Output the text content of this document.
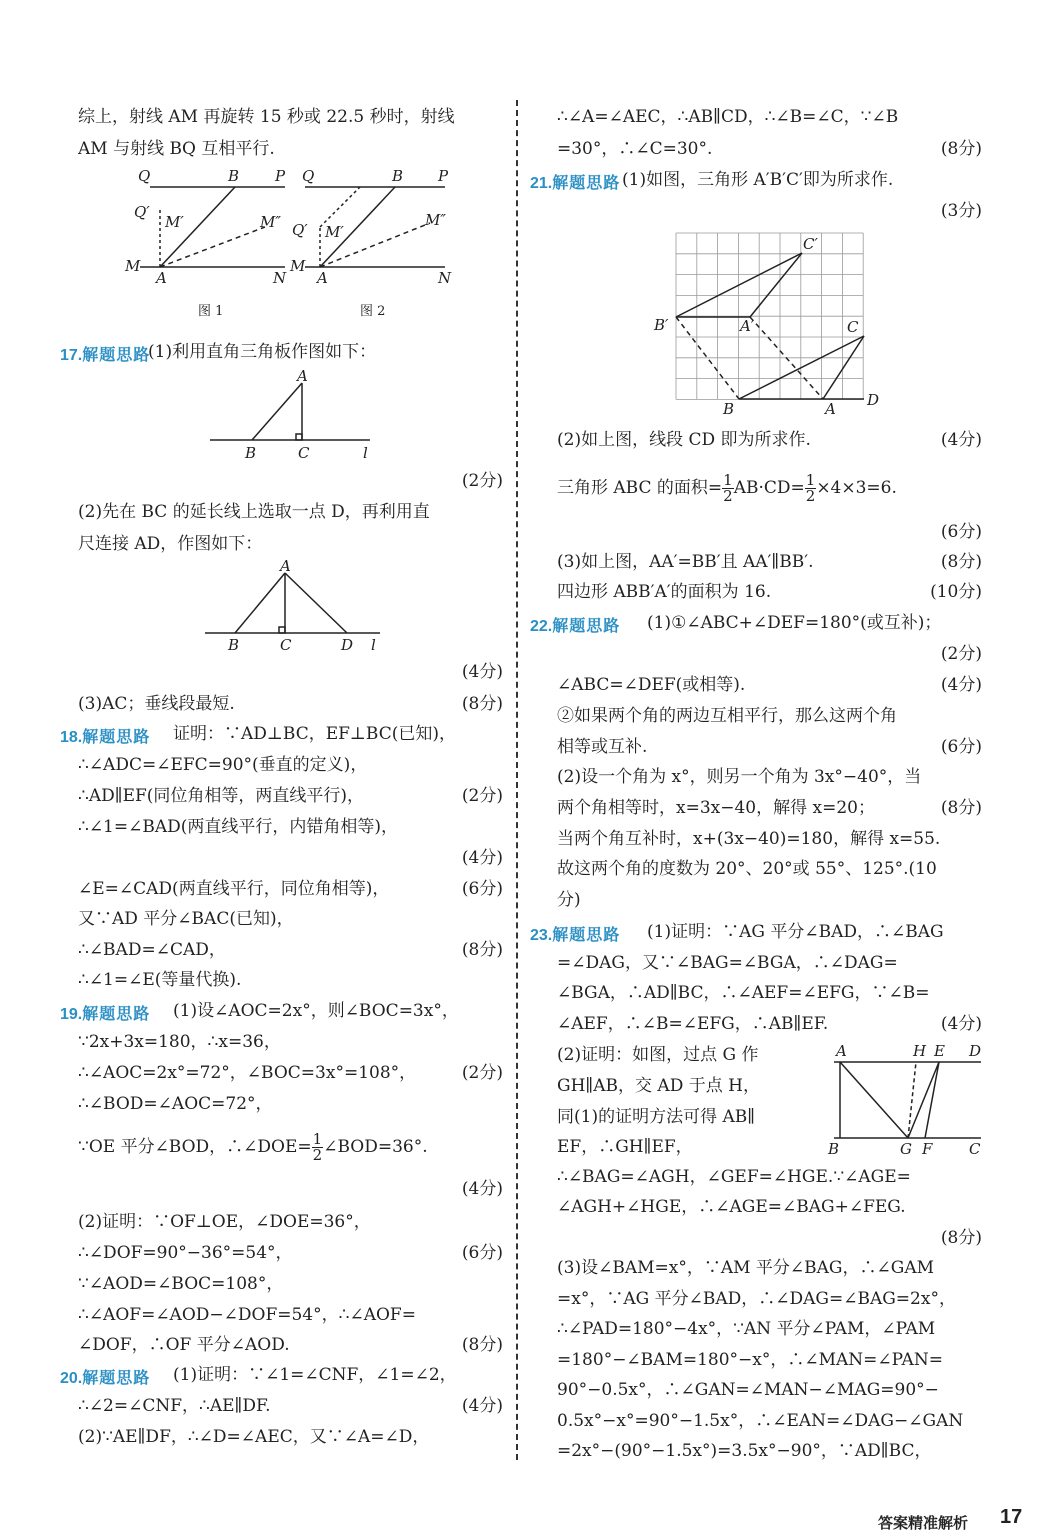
综上，射线 AM 再旋转 15 秒或 22.5 秒时，射线
AM 与射线 BQ 互相平行.
(1)利用直角三角板作图如下：
(2分)
(2)先在 BC 的延长线上选取一点 D，再利用直
尺连接 AD，作图如下：
(4分)
(3)AC；垂线段最短.	(8分)
证明：∵AD⊥BC，EF⊥BC(已知)，
∴∠ADC=∠EFC=90°(垂直的定义)，
∴AD∥EF(同位角相等，两直线平行)，	(2分)
∴∠1=∠BAD(两直线平行，内错角相等)，
(4分)
∠E=∠CAD(两直线平行，同位角相等)，	(6分)
又∵AD 平分∠BAC(已知)，
∴∠BAD=∠CAD，	(8分)
∴∠1=∠E(等量代换).
(1)设∠AOC=2x°，则∠BOC=3x°，
∵2x+3x=180，∴x=36，
∴∠AOC=2x°=72°，∠BOC=3x°=108°，	(2分)
∴∠BOD=∠AOC=72°，
(4分)
(2)证明：∵OF⊥OE，∠DOE=36°，
∴∠DOF=90°−36°=54°，	(6分)
∵∠AOD=∠BOC=108°，
∴∠AOF=∠AOD−∠DOF=54°，∴∠AOF=
∠DOF，∴OF 平分∠AOD.	(8分)
(1)证明：∵∠1=∠CNF，∠1=∠2，
∴∠2=∠CNF，∴AE∥DF.	(4分)
(2)∵AE∥DF，∴∠D=∠AEC，又∵∠A=∠D，
∴∠A=∠AEC，∴AB∥CD，∴∠B=∠C，∵∠B
=30°，∴∠C=30°.	(8分)
(1)如图，三角形 A′B′C′即为所求作.
(3分)
(2)如上图，线段 CD 即为所求作.	(4分)
(6分)
(3)如上图，AA′=BB′且 AA′∥BB′.	(8分)
四边形 ABB′A′的面积为 16.	(10分)
(1)①∠ABC+∠DEF=180°(或互补)；
(2分)
∠ABC=∠DEF(或相等).	(4分)
②如果两个角的两边互相平行，那么这两个角
相等或互补.	(6分)
(2)设一个角为 x°，则另一个角为 3x°−40°，当
两个角相等时，x=3x−40，解得 x=20；	(8分)
当两个角互补时，x+(3x−40)=180，解得 x=55.
故这两个角的度数为 20°、20°或 55°、125°.(10
分)
(1)证明：∵AG 平分∠BAD，∴∠BAG
=∠DAG，又∵∠BAG=∠BGA，∴∠DAG=
∠BGA，∴AD∥BC，∴∠AEF=∠EFG，∵∠B=
∠AEF，∴∠B=∠EFG，∴AB∥EF.	(4分)
(2)证明：如图，过点 G 作
GH∥AB，交 AD 于点 H，
同(1)的证明方法可得 AB∥
EF，∴GH∥EF，
∴∠BAG=∠AGH，∠GEF=∠HGE.∵∠AGE=
∠AGH+∠HGE，∴∠AGE=∠BAG+∠FEG.
(8分)
(3)设∠BAM=x°，∵AM 平分∠BAG，∴∠GAM
=x°，∵AG 平分∠BAD，∴∠DAG=∠BAG=2x°，
∴∠PAD=180°−4x°，∵AN 平分∠PAM，∠PAM
=180°−∠BAM=180°−x°，∴∠MAN=∠PAN=
90°−0.5x°，∴∠GAN=∠MAN−∠MAG=90°−
0.5x°−x°=90°−1.5x°，∴∠EAN=∠DAG−∠GAN
=2x°−(90°−1.5x°)=3.5x°−90°，∵AD∥BC，
∵OE 平分∠BOD，∴∠DOE= $\frac{1}{2}$ ∠BOD=36°.
三角形 ABC 的面积= $\frac{1}{2} AB\cdot CD= \frac{1}{2} \times 4\times 3=6$.
Q	B P
Q′
M′	M″
M
A	N
Q	B P
Q′ M′
M″
M
A	N
图 1	图 2
A
B	C	l
A
B	C	D l
C′
B′	A′	C
B	A D
A	H E D
B	G F C
答案精准解析 17
17.解题思路
18.解题思路
19.解题思路
20.解题思路
21.解题思路
22.解题思路
23.解题思路
